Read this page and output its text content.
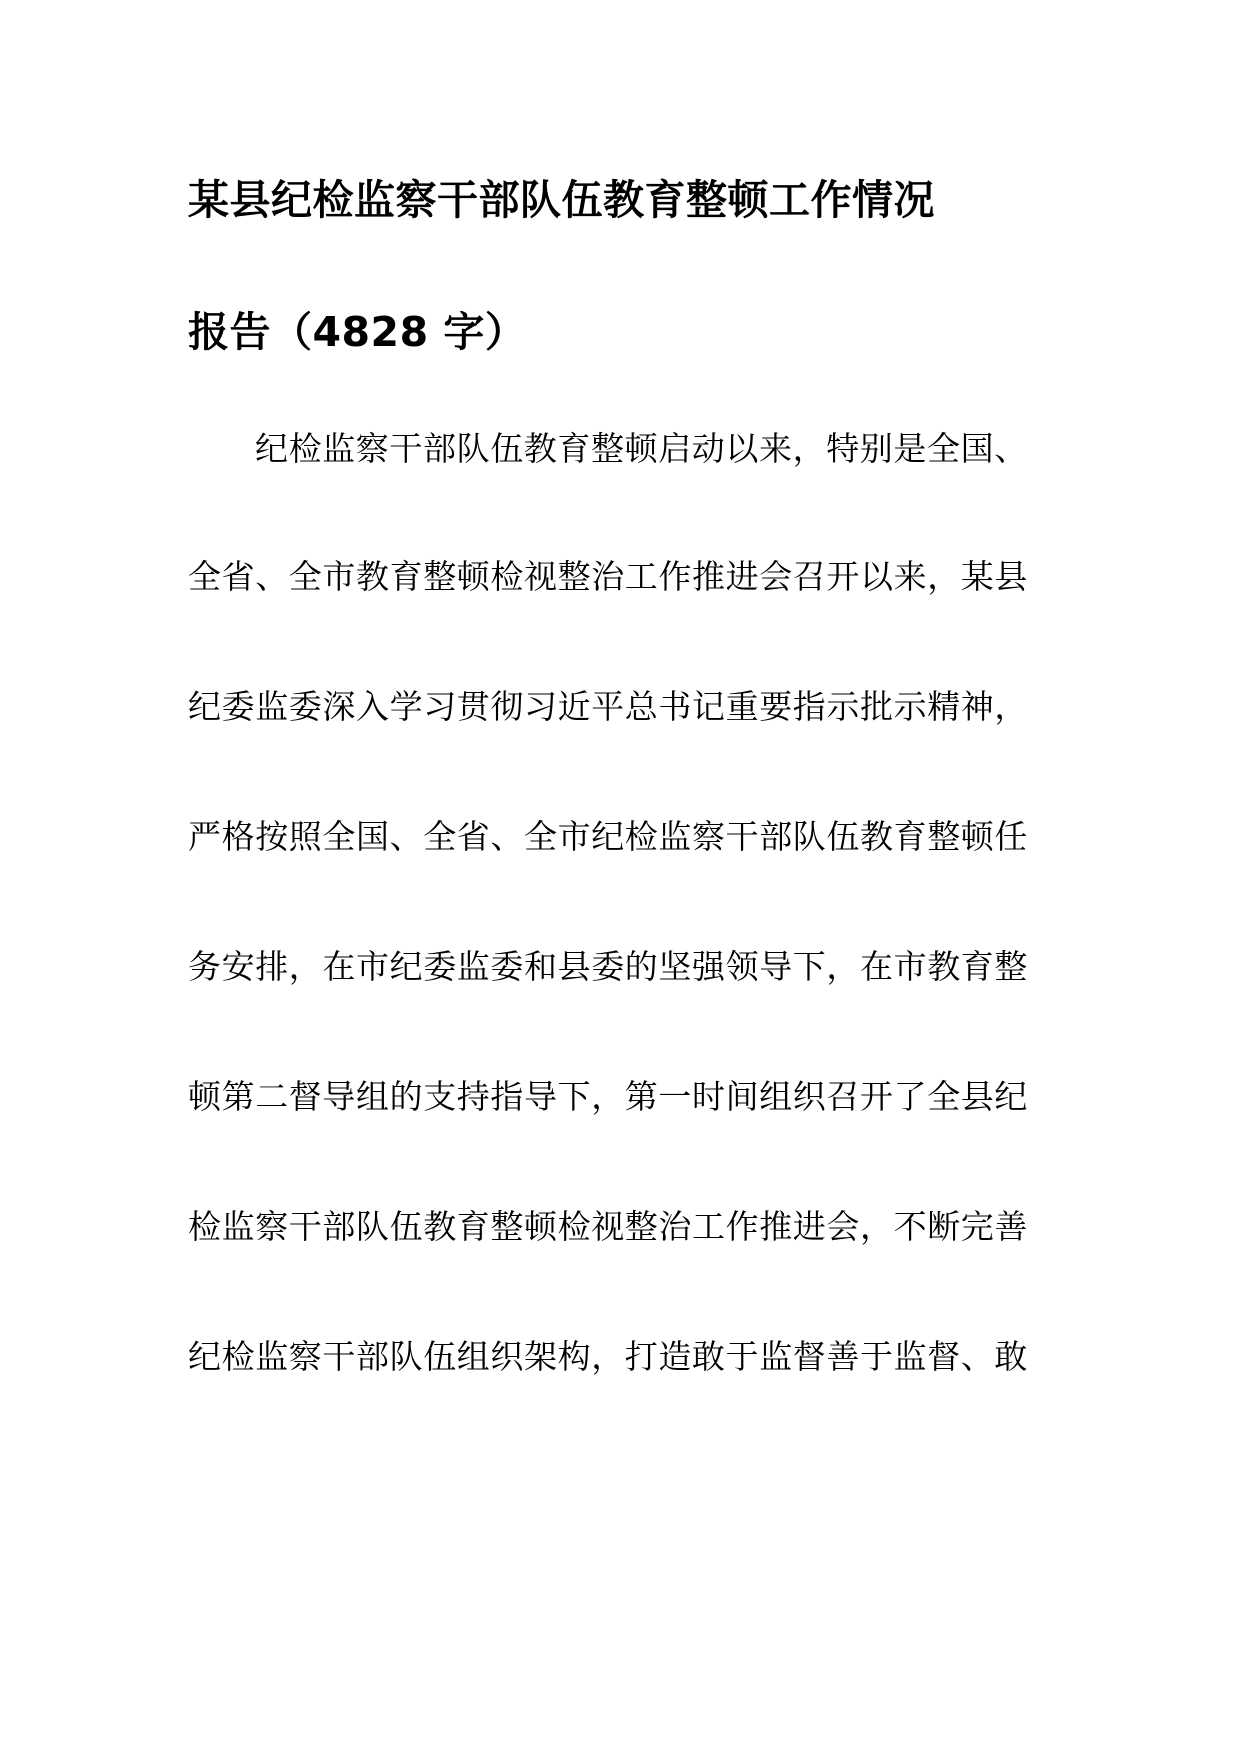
某县纪检监察干部队伍教育整顿工作情况
报告（4828 字）
纪检监察干部队伍教育整顿启动以来，特别是全国、
全省、全市教育整顿检视整治工作推进会召开以来，某县
纪委监委深入学习贯彻习近平总书记重要指示批示精神，
严格按照全国、全省、全市纪检监察干部队伍教育整顿任
务安排，在市纪委监委和县委的坚强领导下，在市教育整
顿第二督导组的支持指导下，第一时间组织召开了全县纪
检监察干部队伍教育整顿检视整治工作推进会，不断完善
纪检监察干部队伍组织架构，打造敢于监督善于监督、敢
